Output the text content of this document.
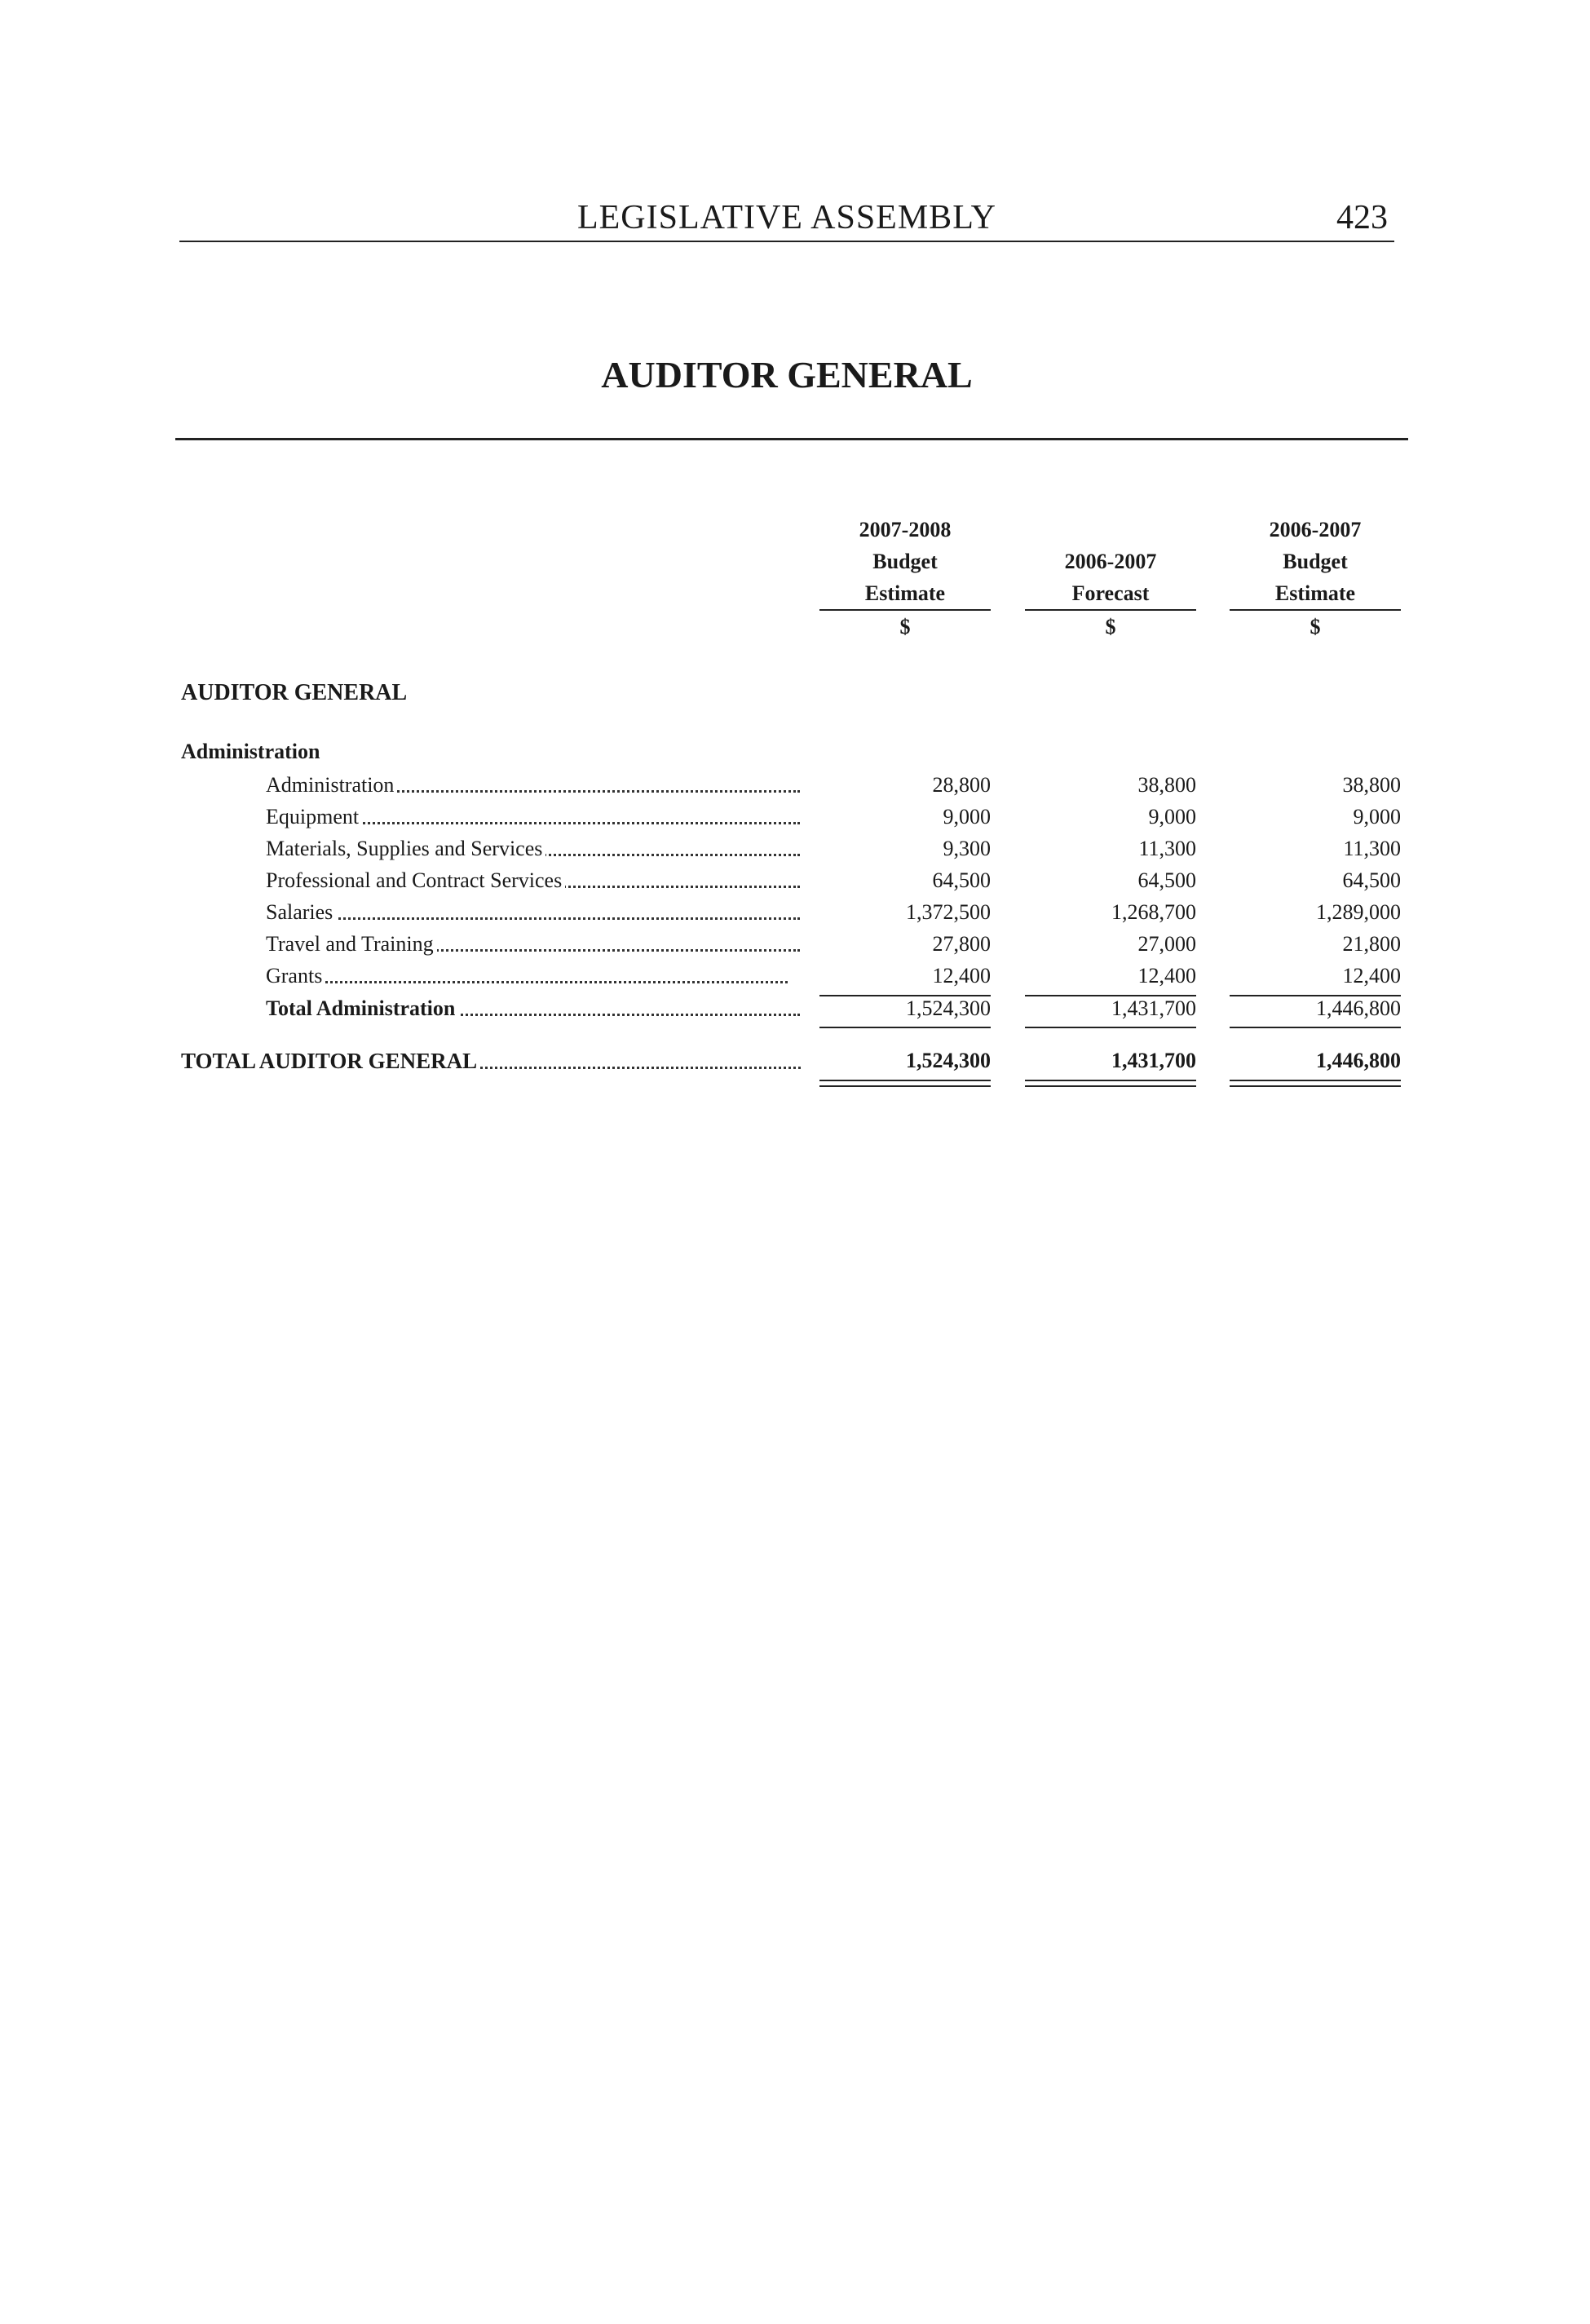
LEGISLATIVE ASSEMBLY	423
AUDITOR GENERAL
2007-2008
Budget
Estimate
$

2006-2007
Forecast
$
2006-2007
Budget
Estimate
$
AUDITOR GENERAL
Administration
Administration	28,800	38,800	38,800
Equipment	9,000	9,000	9,000
Materials, Supplies and Services	9,300	11,300	11,300
Professional and Contract Services	64,500	64,500	64,500
Salaries	1,372,500	1,268,700	1,289,000
Travel and Training	27,800	27,000	21,800
Grants	12,400	12,400	12,400
Total Administration	1,524,300	1,431,700	1,446,800
TOTAL AUDITOR GENERAL	1,524,300	1,431,700	1,446,800
